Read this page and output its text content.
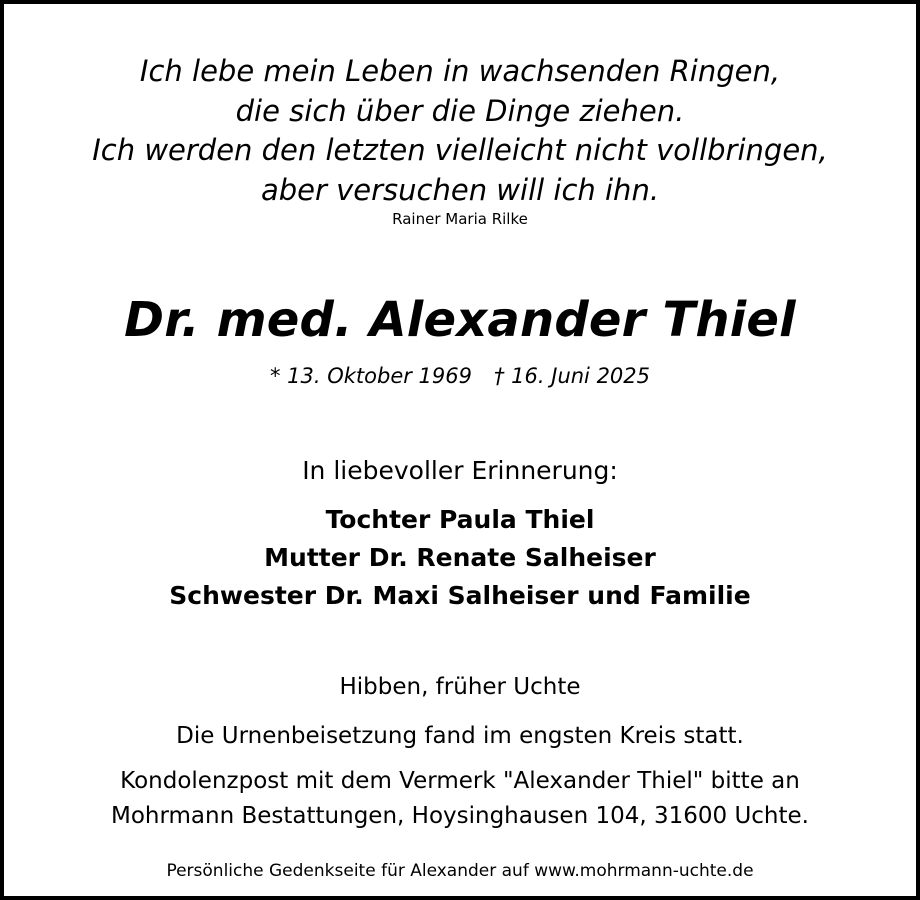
Ich lebe mein Leben in wachsenden Ringen,
die sich über die Dinge ziehen.
Ich werden den letzten vielleicht nicht vollbringen,
aber versuchen will ich ihn.
Rainer Maria Rilke
Dr. med. Alexander Thiel
* 13. Oktober 1969 † 16. Juni 2025
In liebevoller Erinnerung:
Tochter Paula Thiel
Mutter Dr. Renate Salheiser
Schwester Dr. Maxi Salheiser und Familie
Hibben, früher Uchte
Die Urnenbeisetzung fand im engsten Kreis statt.
Kondolenzpost mit dem Vermerk "Alexander Thiel" bitte an
Mohrmann Bestattungen, Hoysinghausen 104, 31600 Uchte.
Persönliche Gedenkseite für Alexander auf www.mohrmann-uchte.de
